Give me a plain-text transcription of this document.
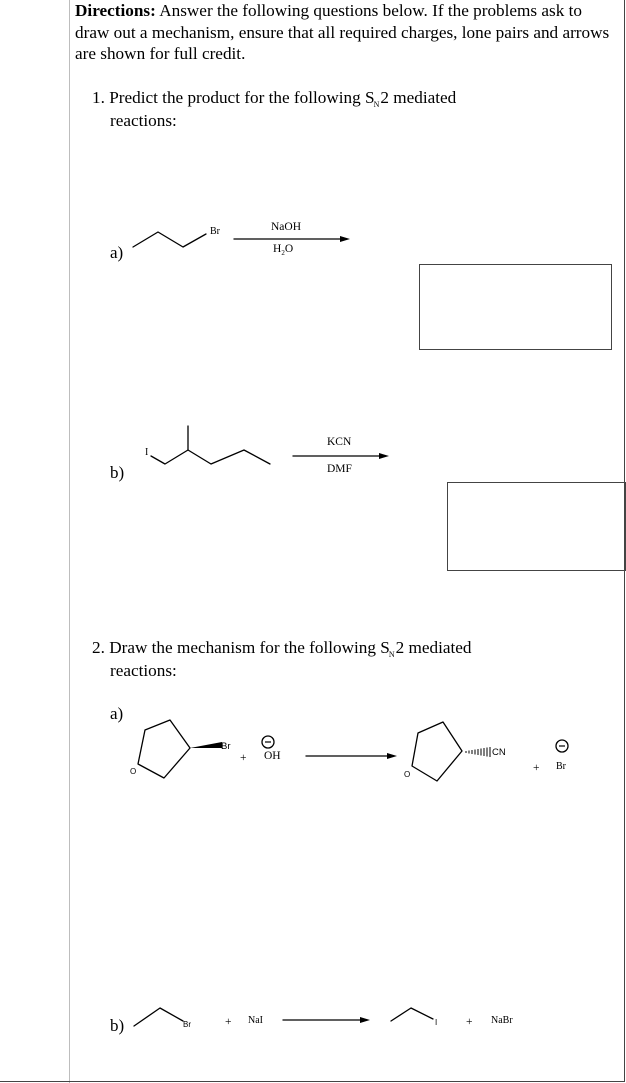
Directions: Answer the following questions below. If the problems ask to draw out a mechanism, ensure that all required charges, lone pairs and arrows are shown for full credit.
1. Predict the product for the following $S_N2$ mediated
reactions:
a)
b)
2. Draw the mechanism for the following $S_N2$ mediated
reactions:
a)
b)
Br	NaOH
$H_2O$
I
KCN
DMF
O
Br
+ OH
O
CN
+ Br
Br	+ NaI	I	+ NaBr
